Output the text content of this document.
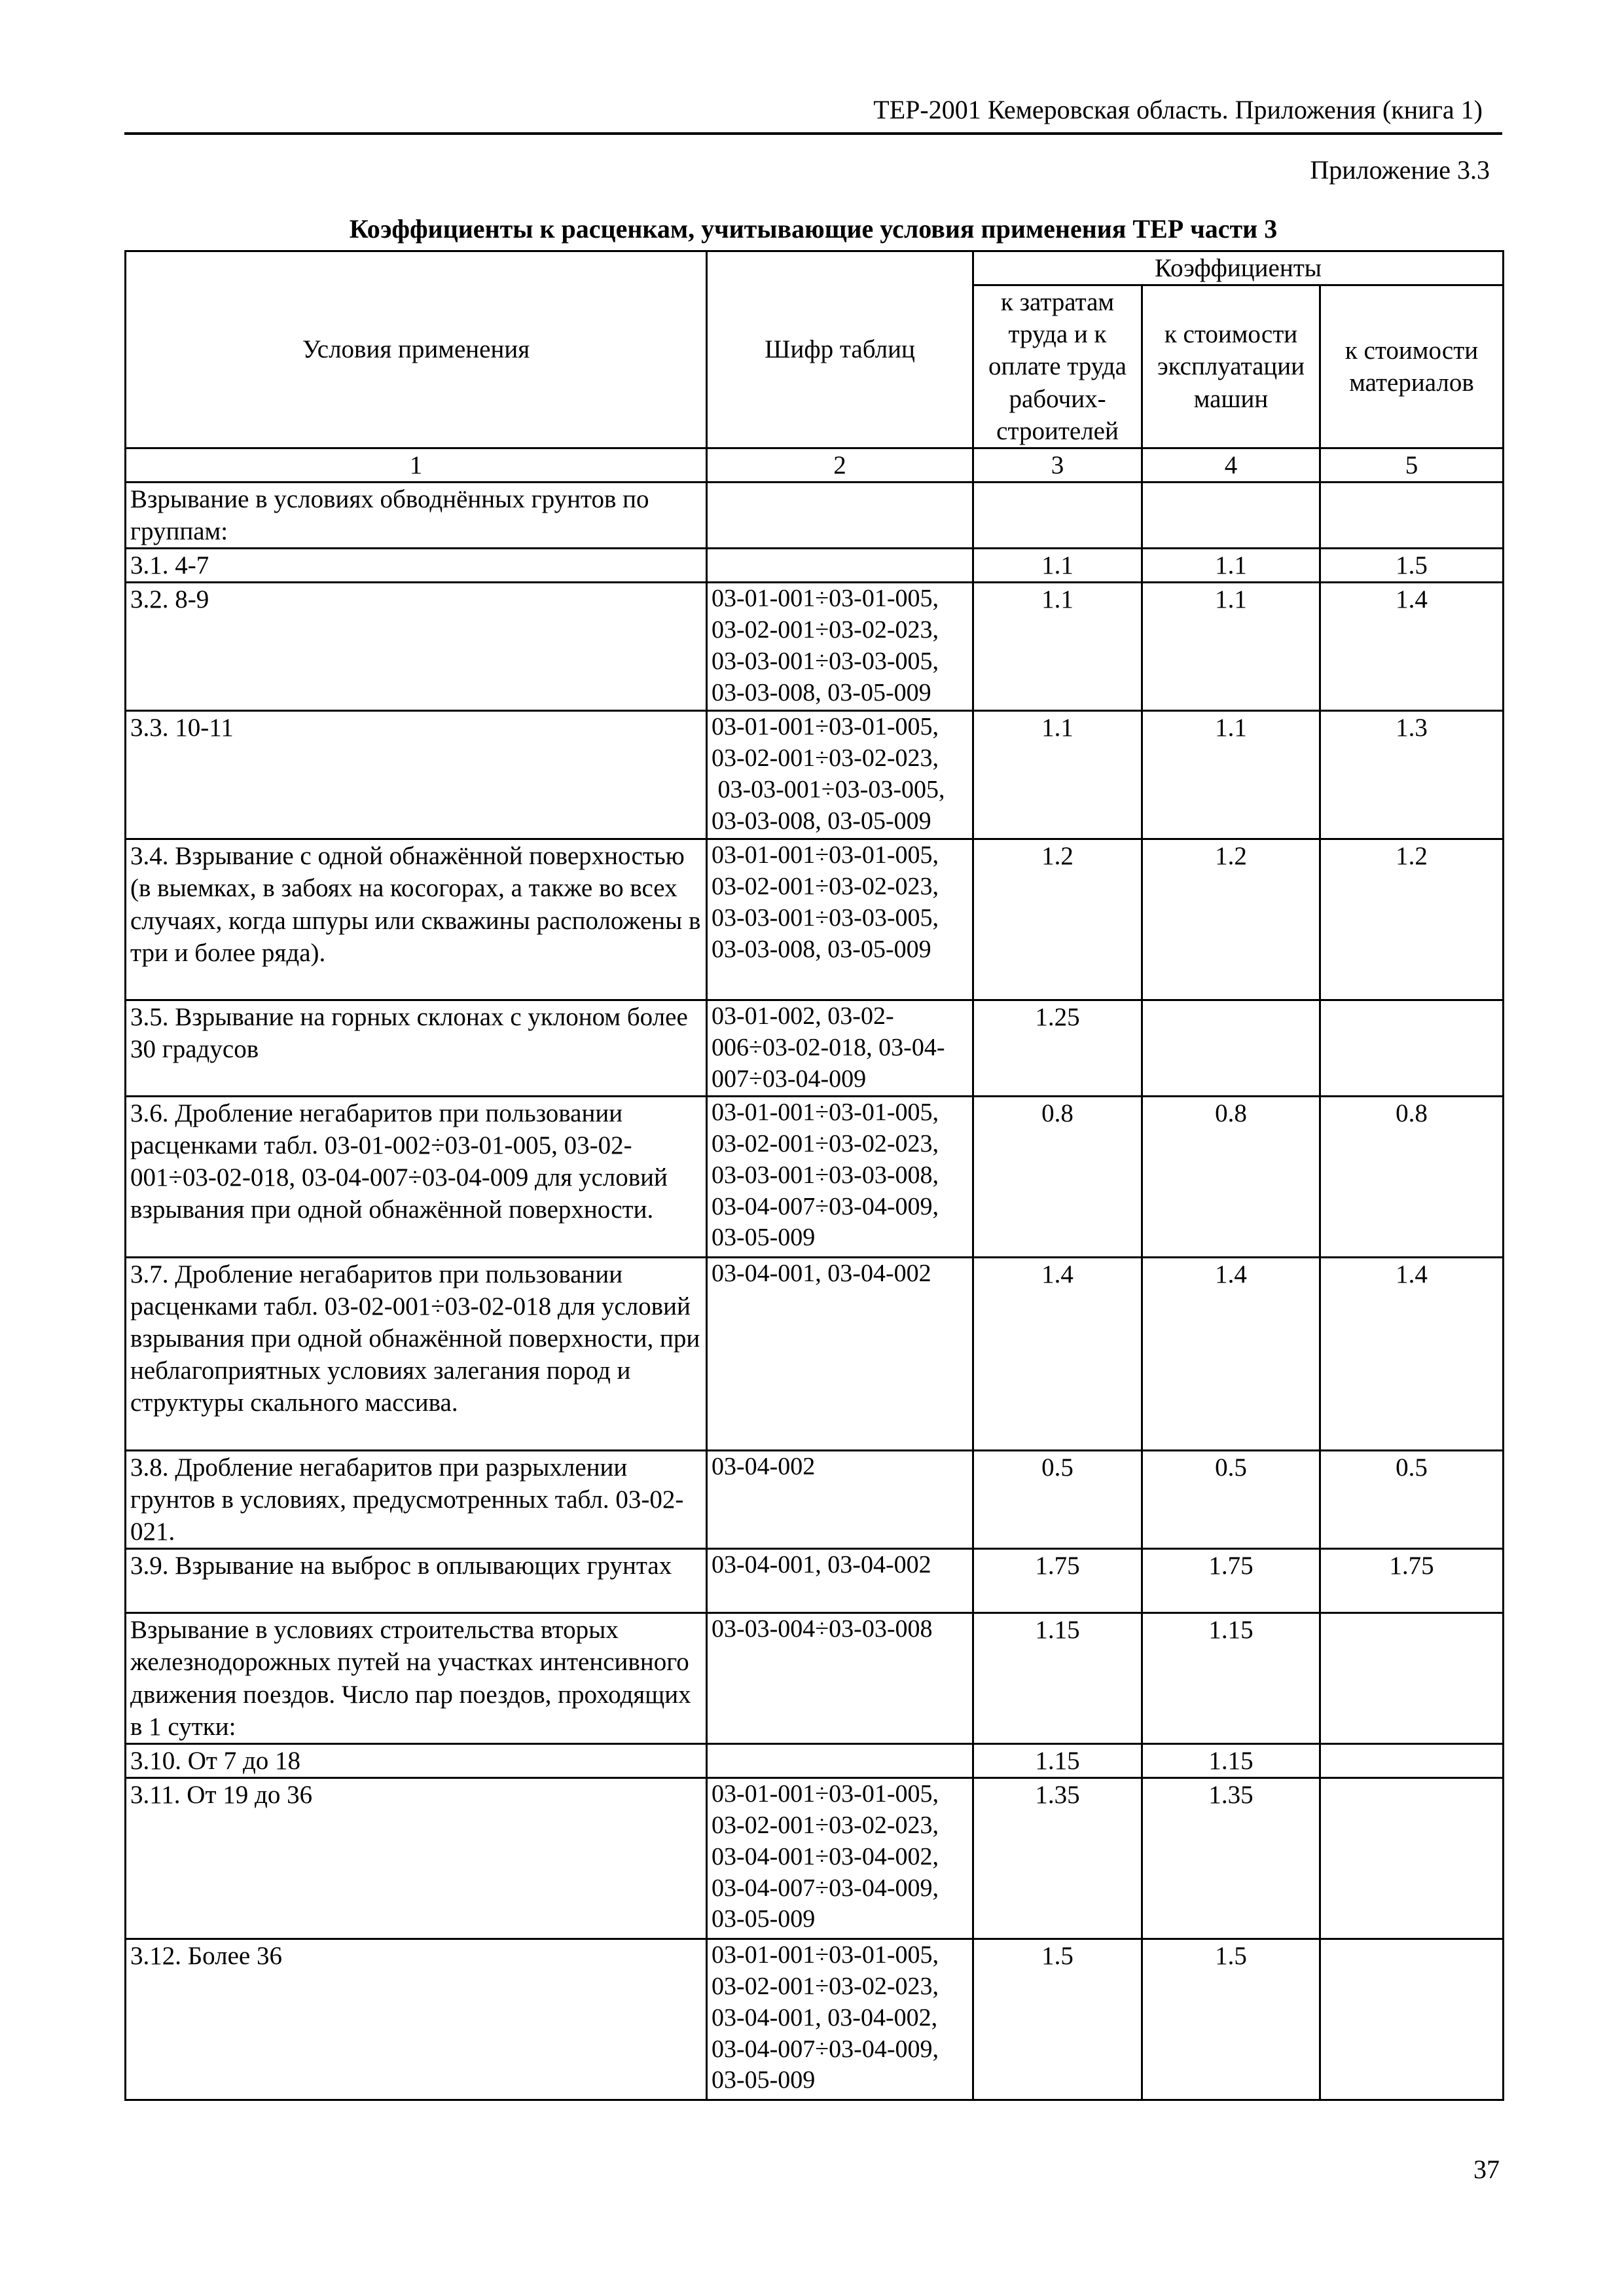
ТЕР-2001 Кемеровская область. Приложения (книга 1)
Приложение 3.3
Коэффициенты к расценкам, учитывающие условия применения ТЕР части 3
Условия применения	Шифр таблиц	Коэффициенты		
		к затратам труда и к оплате труда рабочих-строителей	к стоимости эксплуатации машин	к стоимости материалов
1	2	3	4	5
Взрывание в условиях обводнённых грунтов по группам:				
3.1. 4-7		1.1	1.1	1.5
3.2. 8-9	03-01-001÷03-01-005,
03-02-001÷03-02-023,
03-03-001÷03-03-005,
03-03-008, 03-05-009	1.1	1.1	1.4
3.3. 10-11	03-01-001÷03-01-005,
03-02-001÷03-02-023,
03-03-001÷03-03-005,
03-03-008, 03-05-009	1.1	1.1	1.3
3.4. Взрывание с одной обнажённой поверхностью (в выемках, в забоях на косогорах, а также во всех случаях, когда шпуры или скважины расположены в три и более ряда).	03-01-001÷03-01-005,
03-02-001÷03-02-023,
03-03-001÷03-03-005,
03-03-008, 03-05-009	1.2	1.2	1.2
3.5. Взрывание на горных склонах с уклоном более 30 градусов	03-01-002, 03-02-
006÷03-02-018, 03-04-
007÷03-04-009	1.25		
3.6. Дробление негабаритов при пользовании расценками табл. 03-01-002÷03-01-005, 03-02-001÷03-02-018, 03-04-007÷03-04-009 для условий взрывания при одной обнажённой поверхности.	03-01-001÷03-01-005,
03-02-001÷03-02-023,
03-03-001÷03-03-008,
03-04-007÷03-04-009,
03-05-009	0.8	0.8	0.8
3.7. Дробление негабаритов при пользовании расценками табл. 03-02-001÷03-02-018 для условий взрывания при одной обнажённой поверхности, при неблагоприятных условиях залегания пород и структуры скального массива.	03-04-001, 03-04-002	1.4	1.4	1.4
3.8. Дробление негабаритов при разрыхлении грунтов в условиях, предусмотренных табл. 03-02-021.	03-04-002	0.5	0.5	0.5
3.9. Взрывание на выброс в оплывающих грунтах	03-04-001, 03-04-002	1.75	1.75	1.75
Взрывание в условиях строительства вторых железнодорожных путей на участках интенсивного движения поездов. Число пар поездов, проходящих в 1 сутки:	03-03-004÷03-03-008	1.15	1.15	
3.10. От 7 до 18		1.15	1.15	
3.11. От 19 до 36	03-01-001÷03-01-005,
03-02-001÷03-02-023,
03-04-001÷03-04-002,
03-04-007÷03-04-009,
03-05-009	1.35	1.35	
3.12. Более 36	03-01-001÷03-01-005,
03-02-001÷03-02-023,
03-04-001, 03-04-002,
03-04-007÷03-04-009,
03-05-009	1.5	1.5	
37
